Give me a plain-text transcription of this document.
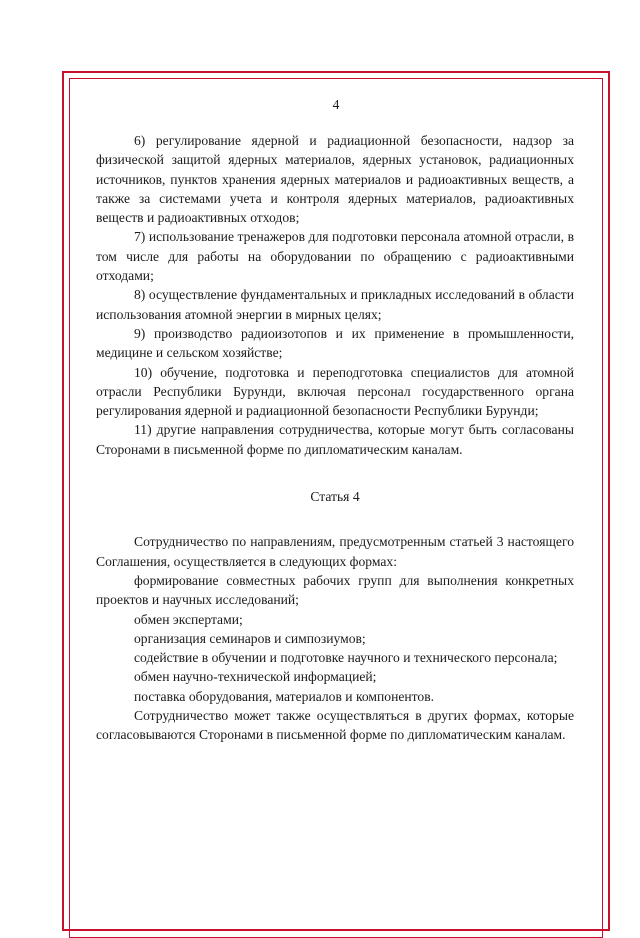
4

6) регулирование ядерной и радиационной безопасности, надзор за физической защитой ядерных материалов, ядерных установок, радиационных источников, пунктов хранения ядерных материалов и радиоактивных веществ, а также за системами учета и контроля ядерных материалов, радиоактивных веществ и радиоактивных отходов;

7) использование тренажеров для подготовки персонала атомной отрасли, в том числе для работы на оборудовании по обращению с радиоактивными отходами;

8) осуществление фундаментальных и прикладных исследований в области использования атомной энергии в мирных целях;

9) производство радиоизотопов и их применение в промышленности, медицине и сельском хозяйстве;

10) обучение, подготовка и переподготовка специалистов для атомной отрасли Республики Бурунди, включая персонал государственного органа регулирования ядерной и радиационной безопасности Республики Бурунди;

11) другие направления сотрудничества, которые могут быть согласованы Сторонами в письменной форме по дипломатическим каналам.

Статья 4

Сотрудничество по направлениям, предусмотренным статьей 3 настоящего Соглашения, осуществляется в следующих формах:

формирование совместных рабочих групп для выполнения конкретных проектов и научных исследований;

обмен экспертами;

организация семинаров и симпозиумов;

содействие в обучении и подготовке научного и технического персонала;

обмен научно-технической информацией;

поставка оборудования, материалов и компонентов.

Сотрудничество может также осуществляться в других формах, которые согласовываются Сторонами в письменной форме по дипломатическим каналам.
